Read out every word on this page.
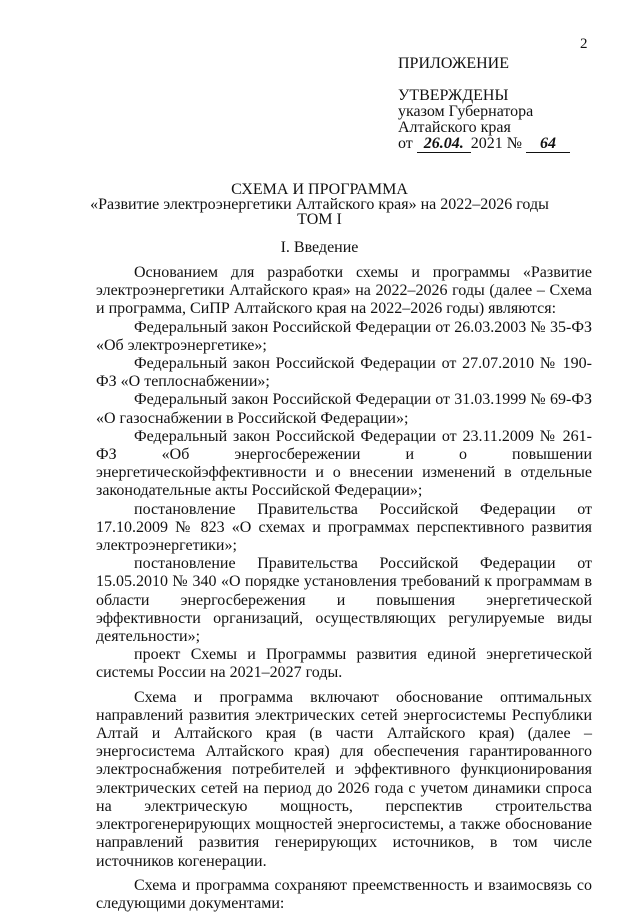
2
ПРИЛОЖЕНИЕ
УТВЕРЖДЕНЫ
указом Губернатора
Алтайского края
от 26.04. 2021 № 64
СХЕМА И ПРОГРАММА
«Развитие электроэнергетики Алтайского края» на 2022–2026 годы
ТОМ I
I. Введение

Основанием для разработки схемы и программы «Развитие электроэнергетики Алтайского края» на 2022–2026 годы (далее – Схема и программа, СиПР Алтайского края на 2022–2026 годы) являются:

Федеральный закон Российской Федерации от 26.03.2003 № 35-ФЗ «Об электроэнергетике»;

Федеральный закон Российской Федерации от 27.07.2010 № 190-ФЗ «О теплоснабжении»;

Федеральный закон Российской Федерации от 31.03.1999 № 69-ФЗ «О газоснабжении в Российской Федерации»;

Федеральный закон Российской Федерации от 23.11.2009 № 261-ФЗ «Об энергосбережении и о повышении энергетическойэффективности и о внесении изменений в отдельные законодательные акты Российской Федерации»;

постановление Правительства Российской Федерации от 17.10.2009 № 823 «О схемах и программах перспективного развития электроэнергетики»;

постановление Правительства Российской Федерации от 15.05.2010 № 340 «О порядке установления требований к программам в области энергосбережения и повышения энергетической эффективности организаций, осуществляющих регулируемые виды деятельности»;

проект Схемы и Программы развития единой энергетической системы России на 2021–2027 годы.

Схема и программа включают обоснование оптимальных направлений развития электрических сетей энергосистемы Республики Алтай и Алтайского края (в части Алтайского края) (далее – энергосистема Алтайского края) для обеспечения гарантированного электроснабжения потребителей и эффективного функционирования электрических сетей на период до 2026 года с учетом динамики спроса на электрическую мощность, перспектив строительства электрогенерирующих мощностей энергосистемы, а также обоснование направлений развития генерирующих источников, в том числе источников когенерации.

Схема и программа сохраняют преемственность и взаимосвязь со следующими документами:
